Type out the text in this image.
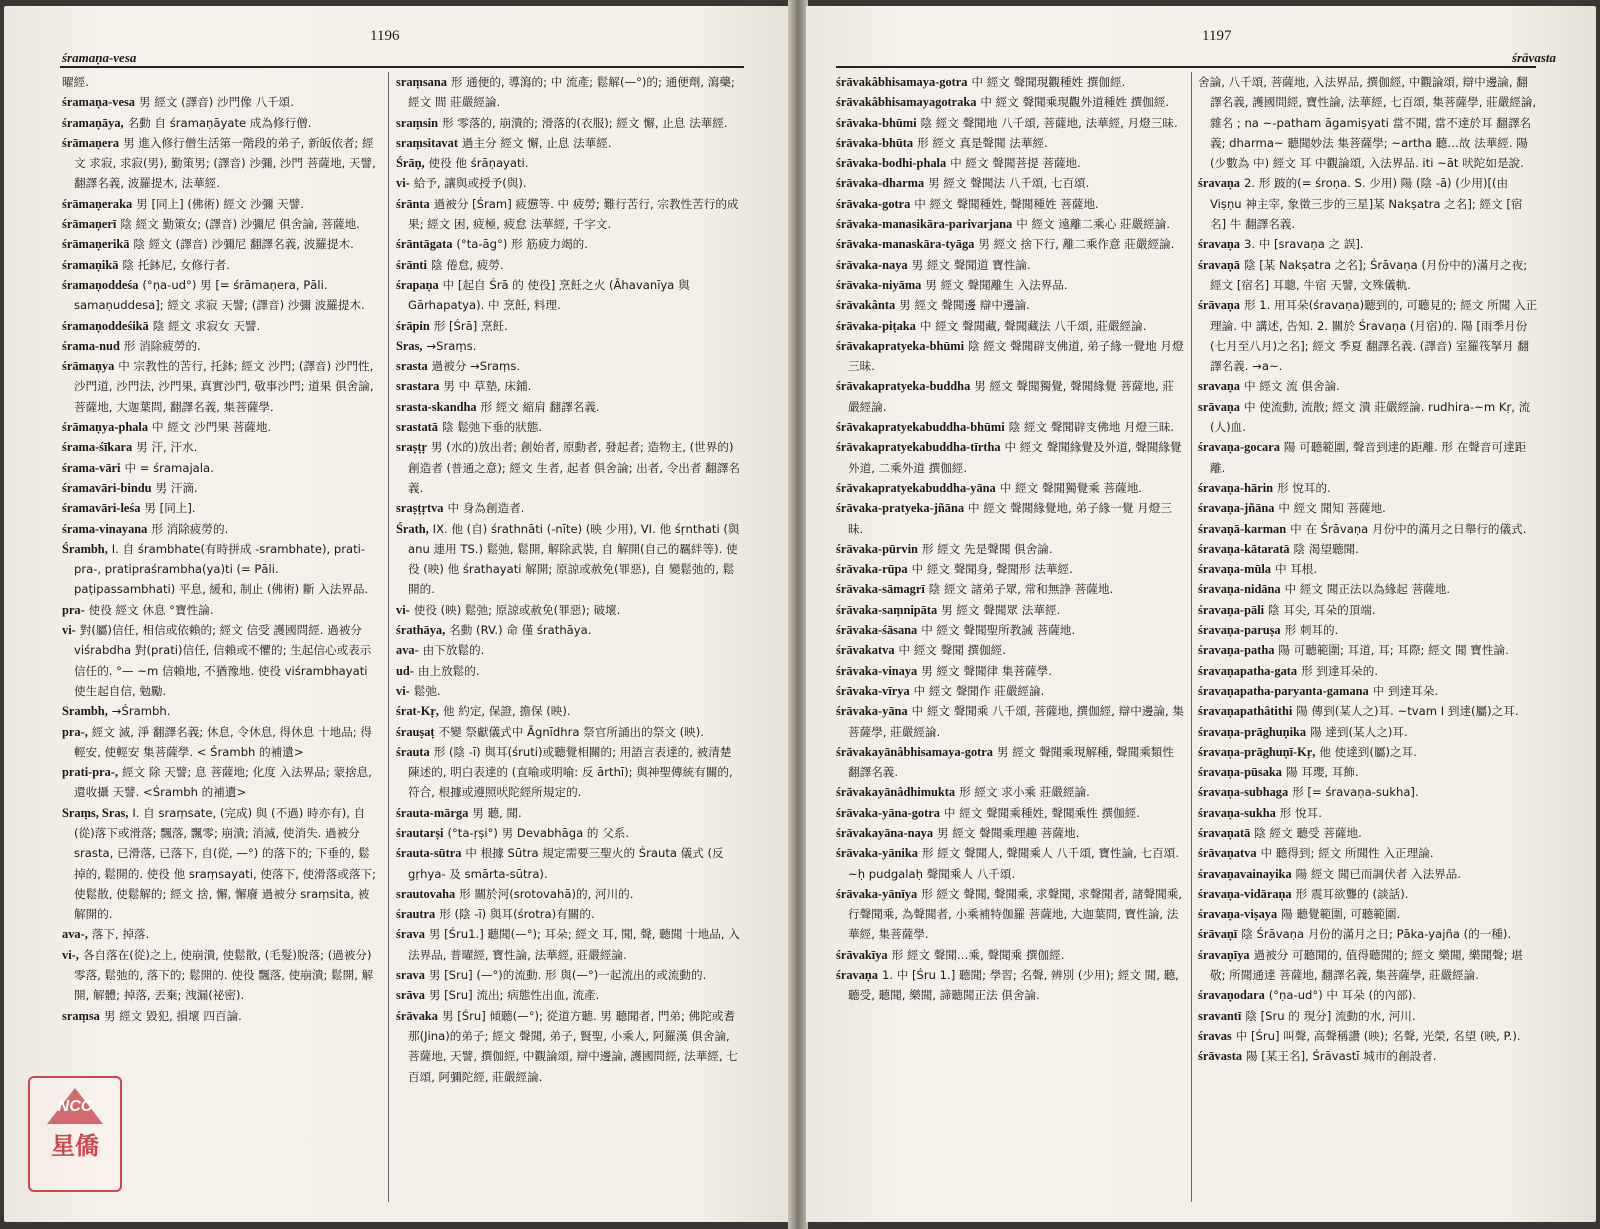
1196
śramaṇa-vesa

曜經.

śramaṇa-vesa 男 經文 (譯音) 沙門像 八千頌.

śramaṇāya, 名動 自 śramaṇāyate 成為修行僧.

śrāmaṇera 男 進入修行僧生活第一階段的弟子, 新皈依者; 經文 求寂, 求寂(男), 勤策男; (譯音) 沙彌, 沙門 菩薩地, 天譬, 翻譯名義, 波羅提木, 法華經.

śrāmaṇeraka 男 [同上] (佛術) 經文 沙彌 天譬.

śrāmaṇerī 陰 經文 勤策女; (譯音) 沙彌尼 俱舍論, 菩薩地.

śrāmaṇerikā 陰 經文 (譯音) 沙彌尼 翻譯名義, 波羅提木.

śramaṇikā 陰 托鉢尼, 女修行者.

śramaṇoddeśa (°ṇa-ud°) 男 [= śrāmaṇera, Pāli. samaṇuddesa]; 經文 求寂 天譬; (譯音) 沙彌 波羅提木.

śramaṇoddeśikā 陰 經文 求寂女 天譬.

śrama-nud 形 消除疲勞的.

śrāmaṇya 中 宗教性的苦行, 托鉢; 經文 沙門; (譯音) 沙門性, 沙門道, 沙門法, 沙門果, 真實沙門, 敬事沙門; 道果 俱舍論, 菩薩地, 大迦葉問, 翻譯名義, 集菩薩學.

śrāmaṇya-phala 中 經文 沙門果 菩薩地.

śrama-śīkara 男 汗, 汗水.

śrama-vāri 中 = śramajala.

śramavāri-bindu 男 汗滴.

śramavāri-leśa 男 [同上].

śrama-vinayana 形 消除疲勞的.

Śrambh, I. 自 śrambhate(有時拼成 -srambhate), prati-pra-, pratipraśrambha(ya)ti (= Pāli. paṭipassambhati) 平息, 緩和, 制止 (佛術) 斷 入法界品.

pra- 使役 經文 休息 °寶性論.

vi- 對(屬)信任, 相信或依賴的; 經文 信受 護國問經. 過被分 viśrabdha 對(prati)信任, 信賴或不懼的; 生起信心或表示信任的. °— ~m 信賴地, 不猶豫地. 使役 viśrambhayati 使生起自信, 勉勵.

Srambh, →Śrambh.

pra-, 經文 滅, 淨 翻譯名義; 休息, 令休息, 得休息 十地品; 得輕安, 使輕安 集菩薩學. < Śrambh 的補遺>

prati-pra-, 經文 除 天譬; 息 菩薩地; 化度 入法界品; 蒙捨息, 還收攝 天譬. <Śrambh 的補遺>

Sraṃs, Sras, I. 自 sraṃsate, (完成) 與 (不過) 時亦有), 自(從)落下或滑落; 飄落, 飄零; 崩潰; 消滅, 使消失. 過被分 srasta, 已滑落, 已落下, 自(從, —°) 的落下的; 下垂的, 鬆掉的, 鬆開的. 使役 他 sraṃsayati, 使落下, 使滑落或落下; 使鬆散, 使鬆解的; 經文 捨, 懈, 懈廢 過被分 sraṃsita, 被解開的.

ava-, 落下, 掉落.

vi-, 各自落在(從)之上, 使崩潰, 使鬆散, (毛髮)脫落; (過被分) 零落, 鬆弛的, 落下的; 鬆開的. 使役 飄落, 使崩潰; 鬆開, 解開, 解體; 掉落, 丟棄; 洩漏(祕密).

sraṃsa 男 經文 毀犯, 損壞 四百論.

sraṃsana 形 通便的, 導瀉的; 中 流產; 鬆解(—°)的; 通便劑, 瀉藥; 經文 間 莊嚴經論.

sraṃsin 形 零落的, 崩潰的; 滑落的(衣服); 經文 懈, 止息 法華經.

sraṃsitavat 過主分 經文 懈, 止息 法華經.

Śrāṇ, 使役 他 śrāṇayati.

vi- 給予, 讓與或授予(與).

śrānta 過被分 [Śram] 疲憊等. 中 疲勞; 難行苦行, 宗教性苦行的成果; 經文 困, 疲極, 疲怠 法華經, 千字文.

śrāntāgata (°ta-āg°) 形 筋疲力竭的.

śrānti 陰 倦怠, 疲勞.

śrapaṇa 中 [起自 Śrā 的 使役] 烹飪之火 (Āhavanīya 與 Gārhapatya). 中 烹飪, 料理.

śrāpin 形 [Śrā] 烹飪.

Sras, →Sraṃs.

srasta 過被分 →Sraṃs.

srastara 男 中 草墊, 床鋪.

srasta-skandha 形 經文 縮肩 翻譯名義.

srastatā 陰 鬆弛下垂的狀態.

sraṣṭṛ 男 (水的)放出者; 創始者, 原動者, 發起者; 造物主, (世界的)創造者 (普通之意); 經文 生者, 起者 俱舍論; 出者, 令出者 翻譯名義.

sraṣṭṛtva 中 身為創造者.

Śrath, IX. 他 (自) śrathnāti (-nīte) (映 少用), VI. 他 śṛnthati (與 anu 連用 TS.) 鬆弛, 鬆開, 解除武裝, 自 解開(自己的羈絆等). 使役 (映) 他 śrathayati 解開; 原諒或赦免(罪惡), 自 變鬆弛的, 鬆開的.

vi- 使役 (映) 鬆弛; 原諒或赦免(罪惡); 破壞.

śrathāya, 名動 (RV.) 命 僅 śrathāya.

ava- 由下放鬆的.

ud- 由上放鬆的.

vi- 鬆弛.

śrat-Kṛ, 他 約定, 保證, 擔保 (映).

śrauṣaṭ 不變 祭獻儀式中 Āgnīdhra 祭官所誦出的祭文 (映).

śrauta 形 (陰 -ī) 與耳(śruti)或聽覺相關的; 用語言表達的, 被清楚陳述的, 明白表達的 (直喻或明喻: 反 ārthī); 與神聖傳統有關的, 符合, 根據或遵照吠陀經所規定的.

śrauta-mārga 男 聽, 聞.

śrautarṣi (°ta-ṛṣi°) 男 Devabhāga 的 父系.

śrauta-sūtra 中 根據 Sūtra 規定需要三聖火的 Śrauta 儀式 (反 gṛhya- 及 smārta-sūtra).

srautovaha 形 關於河(srotovahā)的, 河川的.

śrautra 形 (陰 -ī) 與耳(śrotra)有關的.

śrava 男 [Śru1.] 聽聞(—°); 耳朵; 經文 耳, 聞, 聲, 聽聞 十地品, 入法界品, 普曜經, 寶性論, 法華經, 莊嚴經論.

srava 男 [Sru] (—°)的流動. 形 與(—°)一起流出的或流動的.

srāva 男 [Sru] 流出; 病態性出血, 流產.

śrāvaka 男 [Śru] 傾聽(—°); 從道方聽. 男 聽聞者, 門弟; 佛陀或耆那(Jina)的弟子; 經文 聲聞, 弟子, 賢聖, 小乘人, 阿羅漢 俱舍論, 菩薩地, 天譬, 撰伽經, 中觀論頌, 辯中邊論, 護國問經, 法華經, 七百頌, 阿彌陀經, 莊嚴經論.

1197
śrāvasta

śrāvakâbhisamaya-gotra 中 經文 聲聞現觀種姓 撰伽經.

śrāvakâbhisamayagotraka 中 經文 聲聞乘現觀外道種姓 撰伽經.

śrāvaka-bhūmi 陰 經文 聲聞地 八千頌, 菩薩地, 法華經, 月燈三昧.

śrāvaka-bhūta 形 經文 真是聲聞 法華經.

śrāvaka-bodhi-phala 中 經文 聲聞菩提 菩薩地.

śrāvaka-dharma 男 經文 聲聞法 八千頌, 七百頌.

śrāvaka-gotra 中 經文 聲聞種姓, 聲聞種姓 菩薩地.

śrāvaka-manasikāra-parivarjana 中 經文 遠離二乘心 莊嚴經論.

śrāvaka-manaskāra-tyāga 男 經文 捨下行, 離二乘作意 莊嚴經論.

śrāvaka-naya 男 經文 聲聞道 寶性論.

śrāvaka-niyāma 男 經文 聲聞離生 入法界品.

śrāvakânta 男 經文 聲聞邊 辯中邊論.

śrāvaka-piṭaka 中 經文 聲聞藏, 聲聞藏法 八千頌, 莊嚴經論.

śrāvakapratyeka-bhūmi 陰 經文 聲聞辟支佛道, 弟子緣一覺地 月燈三昧.

śrāvakapratyeka-buddha 男 經文 聲聞獨覺, 聲聞緣覺 菩薩地, 莊嚴經論.

śrāvakapratyekabuddha-bhūmi 陰 經文 聲聞辟支佛地 月燈三昧.

śrāvakapratyekabuddha-tīrtha 中 經文 聲聞緣覺及外道, 聲聞緣覺外道, 二乘外道 撰伽經.

śrāvakapratyekabuddha-yāna 中 經文 聲聞獨覺乘 菩薩地.

śrāvaka-pratyeka-jñāna 中 經文 聲聞緣覺地, 弟子緣一覺 月燈三昧.

śrāvaka-pūrvin 形 經文 先是聲聞 俱舍論.

śrāvaka-rūpa 中 經文 聲聞身, 聲聞形 法華經.

śrāvaka-sāmagrī 陰 經文 諸弟子眾, 常和無諍 菩薩地.

śrāvaka-saṃnipāta 男 經文 聲聞眾 法華經.

śrāvaka-śāsana 中 經文 聲聞聖所教誡 菩薩地.

śrāvakatva 中 經文 聲聞 撰伽經.

śrāvaka-vinaya 男 經文 聲聞律 集菩薩學.

śrāvaka-vīrya 中 經文 聲聞作 莊嚴經論.

śrāvaka-yāna 中 經文 聲聞乘 八千頌, 菩薩地, 撰伽經, 辯中邊論, 集菩薩學, 莊嚴經論.

śrāvakayānâbhisamaya-gotra 男 經文 聲聞乘現解種, 聲聞乘類性 翻譯名義.

śrāvakayānâdhimukta 形 經文 求小乘 莊嚴經論.

śrāvaka-yāna-gotra 中 經文 聲聞乘種姓, 聲聞乘性 撰伽經.

śrāvakayāna-naya 男 經文 聲聞乘理趣 菩薩地.

śrāvaka-yānika 形 經文 聲聞人, 聲聞乘人 八千頌, 寶性論, 七百頌. ~ḥ pudgalaḥ 聲聞乘人 八千頌.

śrāvaka-yānīya 形 經文 聲聞, 聲聞乘, 求聲聞, 求聲聞者, 諸聲聞乘, 行聲聞乘, 為聲聞者, 小乘補特伽羅 菩薩地, 大迦葉問, 寶性論, 法華經, 集菩薩學.

śrāvakīya 形 經文 聲聞…乘, 聲聞乘 撰伽經.

śravaṇa 1. 中 [Śru 1.] 聽聞; 學習; 名聲, 辨別 (少用); 經文 聞, 聽, 聽受, 聽聞, 樂聞, 諦聽聞正法 俱舍論.

舍論, 八千頌, 菩薩地, 入法界品, 撰伽經, 中觀論頌, 辯中邊論, 翻譯名義, 護國問經, 寶性論, 法華經, 七百頌, 集菩薩學, 莊嚴經論, 雜名 ; na ~-patham āgamiṣyati 當不聞, 當不達於耳 翻譯名義; dharma~ 聽聞妙法 集菩薩學; ~artha 聽…故 法華經. 陽 (少數為 中) 經文 耳 中觀論頌, 入法界品. iti ~āt 吠陀如是說.

śravaṇa 2. 形 跛的(= śroṇa. S. 少用) 陽 (陰 -ā) (少用)[(由 Viṣṇu 神主宰, 象徵三步的三星]某 Nakṣatra 之名]; 經文 [宿名] 牛 翻譯名義.

śravaṇa 3. 中 [sravaṇa 之 誤].

śravaṇā 陰 [某 Nakṣatra 之名]; Śrāvaṇa (月份中的)滿月之夜; 經文 [宿名] 耳聰, 牛宿 天譬, 文殊儀軌.

śrāvaṇa 形 1. 用耳朵(śravaṇa)聽到的, 可聽見的; 經文 所聞 入正理論. 中 講述, 告知. 2. 關於 Śravaṇa (月宿)的. 陽 [雨季月份(七月至八月)之名]; 經文 季夏 翻譯名義. (譯音) 室羅筏拏月 翻譯名義. →a~.

sravaṇa 中 經文 流 俱舍論.

srāvaṇa 中 使流動, 流散; 經文 潰 莊嚴經論. rudhira-~m Kṛ, 流(人)血.

śravaṇa-gocara 陽 可聽範圍, 聲音到達的距離. 形 在聲音可達距離.

śravaṇa-hārin 形 悅耳的.

śravaṇa-jñāna 中 經文 聞知 菩薩地.

śravaṇā-karman 中 在 Śrāvaṇa 月份中的滿月之日舉行的儀式.

śravaṇa-kātaratā 陰 渴望聽聞.

śravaṇa-mūla 中 耳根.

śravaṇa-nidāna 中 經文 聞正法以為緣起 菩薩地.

śravaṇa-pāli 陰 耳尖, 耳朵的頂端.

śravaṇa-paruṣa 形 刺耳的.

śravaṇa-patha 陽 可聽範圍; 耳道, 耳; 耳際; 經文 聞 寶性論.

śravaṇapatha-gata 形 到達耳朵的.

śravaṇapatha-paryanta-gamana 中 到達耳朵.

śravaṇapathâtithi 陽 傳到(某人之)耳. ~tvam I 到達(屬)之耳.

śravaṇa-prāghuṇika 陽 達到(某人之)耳.

śravaṇa-prāghuṇī-Kṛ, 他 使達到(屬)之耳.

śravaṇa-pūsaka 陽 耳瓔, 耳飾.

śravaṇa-subhaga 形 [= śravaṇa-sukha].

śravaṇa-sukha 形 悅耳.

śravaṇatā 陰 經文 聽受 菩薩地.

śrāvaṇatva 中 聽得到; 經文 所聞性 入正理論.

śravaṇavainayika 陽 經文 聞已而調伏者 入法界品.

śravaṇa-vidāraṇa 形 震耳欲聾的 (談話).

śravaṇa-viṣaya 陽 聽覺範圍, 可聽範圍.

śrāvaṇī 陰 Śrāvaṇa 月份的滿月之日; Pāka-yajña (的一種).

śravaṇīya 過被分 可聽聞的, 值得聽聞的; 經文 樂聞, 樂聞聲; 堪敬; 所聞通達 菩薩地, 翻譯名義, 集菩薩學, 莊嚴經論.

śravaṇodara (°ṇa-ud°) 中 耳朵 (的內部).

sravantī 陰 [Sru 的 現分] 流動的水, 河川.

śravas 中 [Śru] 叫聲, 高聲稱讚 (映); 名聲, 光榮, 名望 (映, P.).

śrāvasta 陽 [某王名], Śrāvastī 城市的創設者.

NCC
星僑
